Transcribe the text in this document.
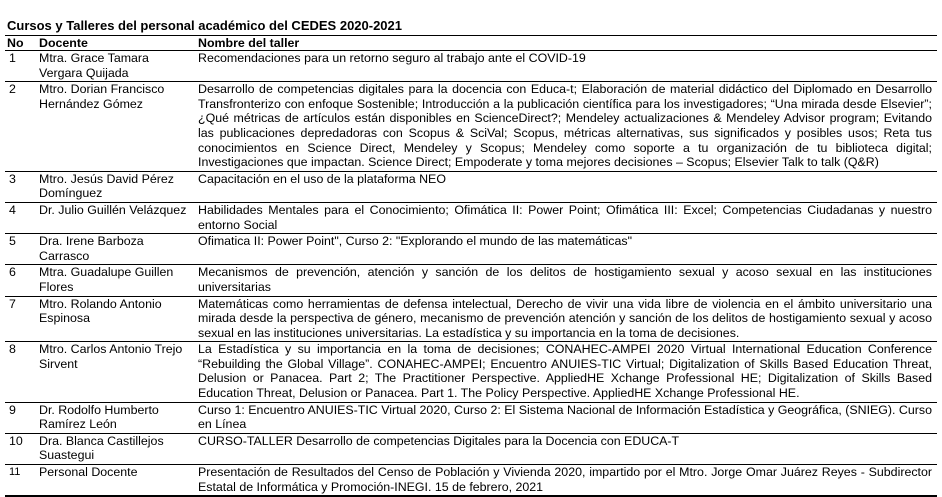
Cursos y Talleres del personal académico del CEDES 2020-2021
No	Docente	Nombre del taller
1	Mtra. Grace Tamara Vergara Quijada	Recomendaciones para un retorno seguro al trabajo ante el COVID-19
2	Mtro. Dorian Francisco Hernández Gómez	Desarrollo de competencias digitales para la docencia con Educa-t; Elaboración de material didáctico del Diplomado en Desarrollo Transfronterizo con enfoque Sostenible; Introducción a la publicación científica para los investigadores; “Una mirada desde Elsevier”; ¿Qué métricas de artículos están disponibles en ScienceDirect?; Mendeley actualizaciones & Mendeley Advisor program; Evitando las publicaciones depredadoras con Scopus & SciVal; Scopus, métricas alternativas, sus significados y posibles usos; Reta tus conocimientos en Science Direct, Mendeley y Scopus; Mendeley como soporte a tu organización de tu biblioteca digital; Investigaciones que impactan. Science Direct; Empoderate y toma mejores decisiones – Scopus; Elsevier Talk to talk (Q&R)
3	Mtro. Jesús David Pérez Domínguez	Capacitación en el uso de la plataforma NEO
4	Dr. Julio Guillén Velázquez	Habilidades Mentales para el Conocimiento; Ofimática II: Power Point; Ofimática III: Excel; Competencias Ciudadanas y nuestro entorno Social
5	Dra. Irene Barboza Carrasco	Ofimatica II: Power Point", Curso 2: "Explorando el mundo de las matemáticas"
6	Mtra. Guadalupe Guillen Flores	Mecanismos de prevención, atención y sanción de los delitos de hostigamiento sexual y acoso sexual en las instituciones universitarias
7	Mtro. Rolando Antonio Espinosa	Matemáticas como herramientas de defensa intelectual, Derecho de vivir una vida libre de violencia en el ámbito universitario una mirada desde la perspectiva de género, mecanismo de prevención atención y sanción de los delitos de hostigamiento sexual y acoso sexual en las instituciones universitarias. La estadística y su importancia en la toma de decisiones.
8	Mtro. Carlos Antonio Trejo Sirvent	La Estadística y su importancia en la toma de decisiones; CONAHEC-AMPEI 2020 Virtual International Education Conference “Rebuilding the Global Village”. CONAHEC-AMPEI; Encuentro ANUIES-TIC Virtual; Digitalization of Skills Based Education Threat, Delusion or Panacea. Part 2; The Practitioner Perspective. AppliedHE Xchange Professional HE; Digitalization of Skills Based Education Threat, Delusion or Panacea. Part 1. The Policy Perspective. AppliedHE Xchange Professional HE.
9	Dr. Rodolfo Humberto Ramírez León	Curso 1: Encuentro ANUIES-TIC Virtual 2020, Curso 2: El Sistema Nacional de Información Estadística y Geográfica, (SNIEG). Curso en Línea
10	Dra. Blanca Castillejos Suastegui	CURSO-TALLER Desarrollo de competencias Digitales para la Docencia con EDUCA-T
11	Personal Docente	Presentación de Resultados del Censo de Población y Vivienda 2020, impartido por el Mtro. Jorge Omar Juárez Reyes - Subdirector Estatal de Informática y Promoción-INEGI. 15 de febrero, 2021
